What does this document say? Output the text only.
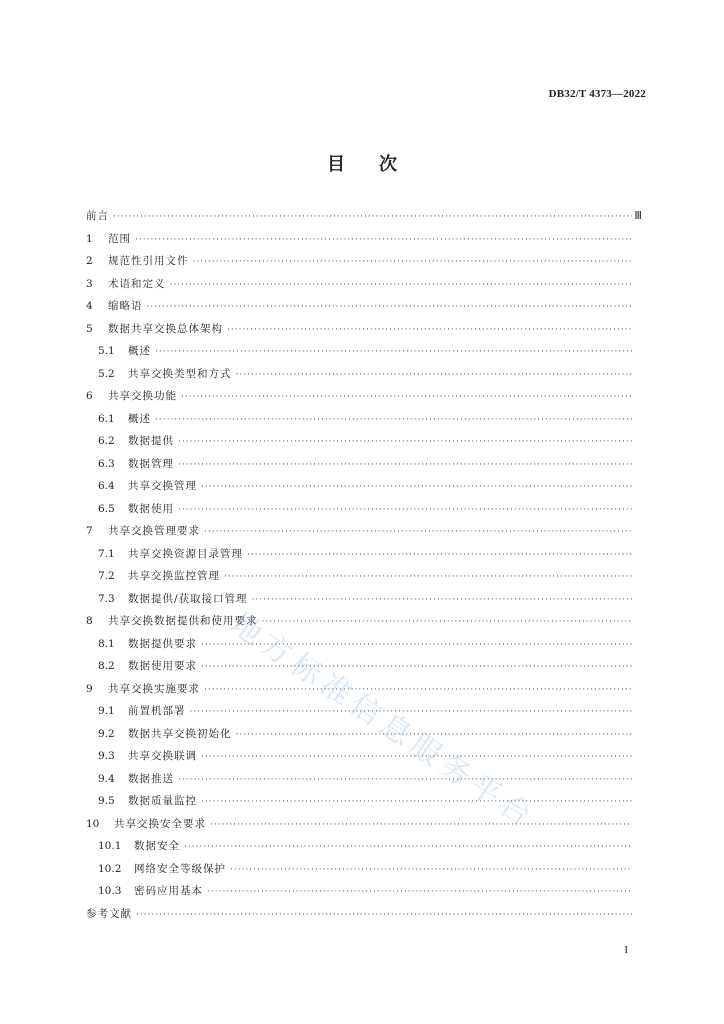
DB32/T 4373—2022
目 次
前言
·····	Ⅲ
1	范围
·····
2	规范性引用文件
·····
3	术语和定义
·····
4	缩略语
·····
5	数据共享交换总体架构
·····
5.1	概述
·····
5.2	共享交换类型和方式
·····
6	共享交换功能
·····
6.1	概述
·····
6.2	数据提供
·····
6.3	数据管理
·····
6.4	共享交换管理
·····
6.5	数据使用
·····
7	共享交换管理要求
·····
7.1	共享交换资源目录管理
·····
7.2	共享交换监控管理
·····
7.3	数据提供/获取接口管理
·····
8	共享交换数据提供和使用要求
·····
8.1	数据提供要求
·····
8.2	数据使用要求
·····
9	共享交换实施要求
·····
9.1	前置机部署
·····
9.2	数据共享交换初始化
·····
9.3	共享交换联调
·····
9.4	数据推送
·····
9.5	数据质量监控
·····
10	共享交换安全要求
·····
10.1	数据安全
·····
10.2	网络安全等级保护
·····
10.3	密码应用基本
·····
参考文献
·····
地方标准信息服务平台
I
